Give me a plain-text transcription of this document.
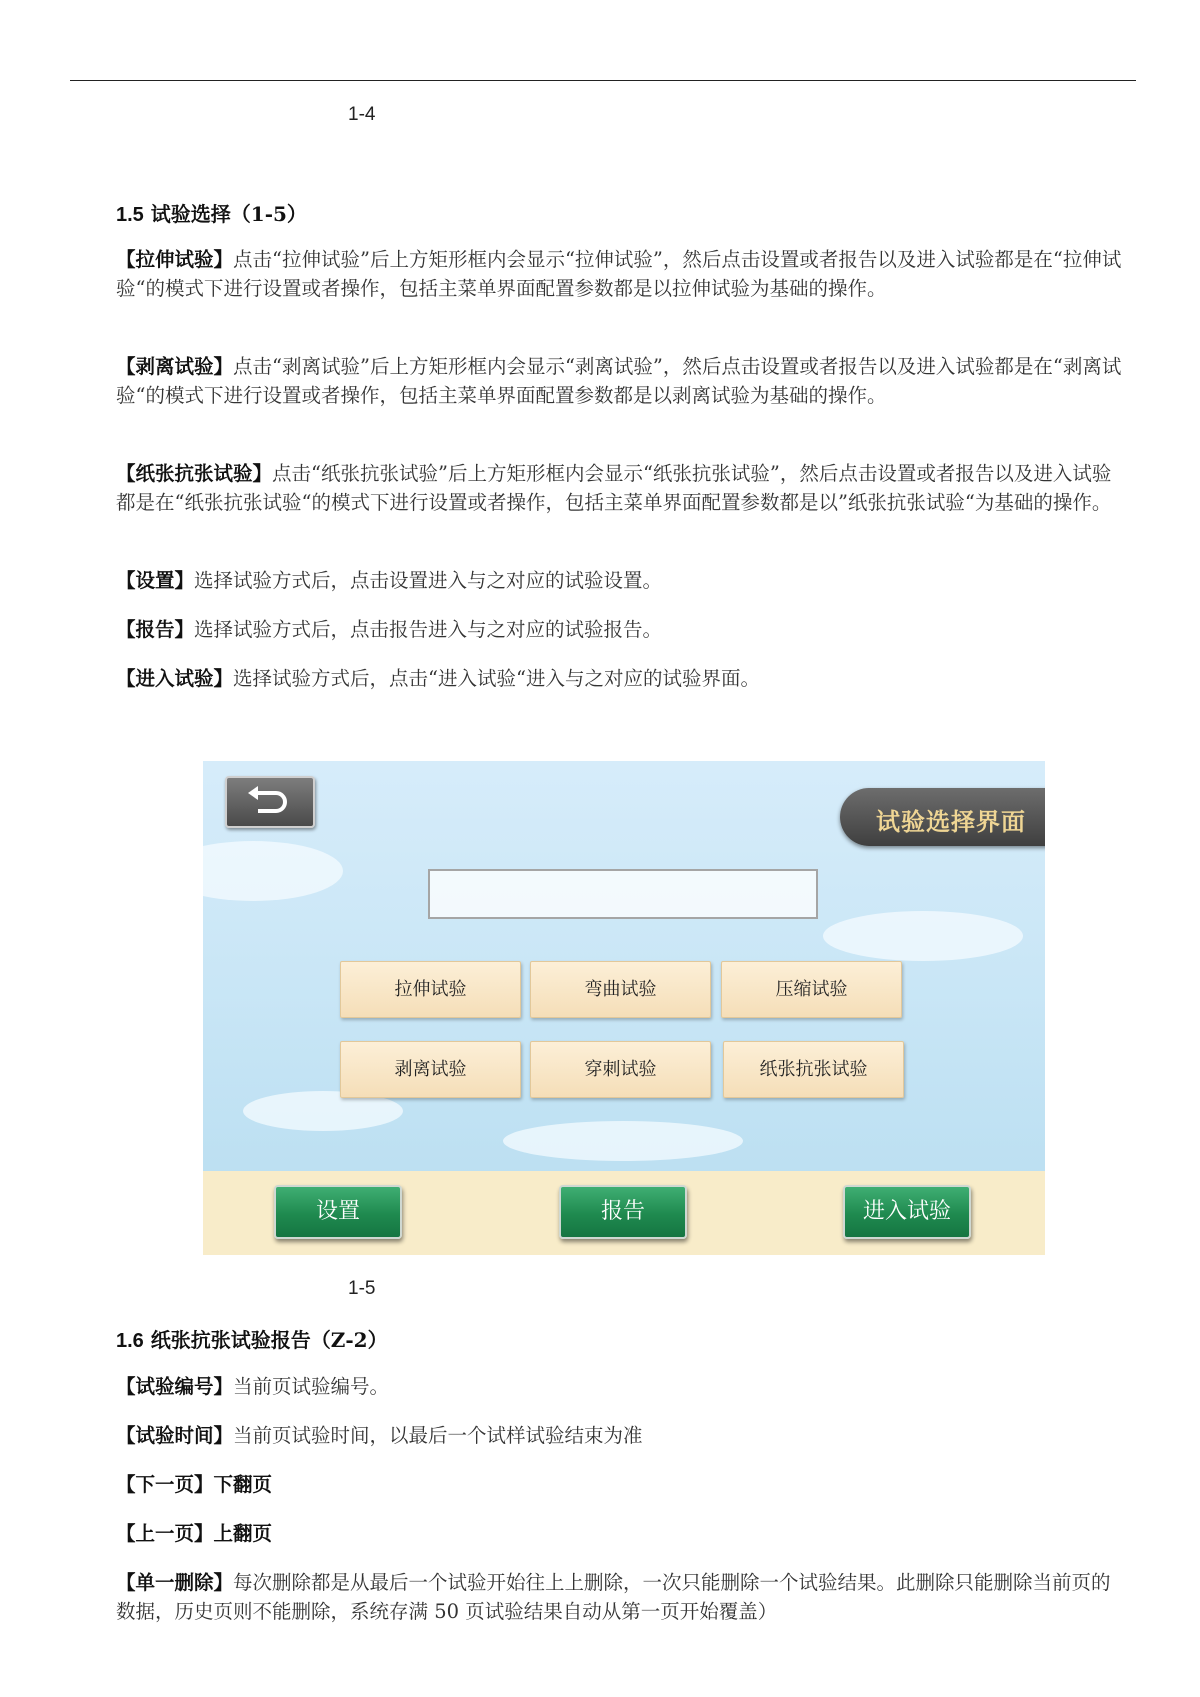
1-4
1.5 试验选择（1-5）
【拉伸试验】点击“拉伸试验”后上方矩形框内会显示“拉伸试验”，然后点击设置或者报告以及进入试验都是在“拉伸试验“的模式下进行设置或者操作，包括主菜单界面配置参数都是以拉伸试验为基础的操作。
【剥离试验】点击“剥离试验”后上方矩形框内会显示“剥离试验”，然后点击设置或者报告以及进入试验都是在“剥离试验“的模式下进行设置或者操作，包括主菜单界面配置参数都是以剥离试验为基础的操作。
【纸张抗张试验】点击“纸张抗张试验”后上方矩形框内会显示“纸张抗张试验”，然后点击设置或者报告以及进入试验都是在“纸张抗张试验“的模式下进行设置或者操作，包括主菜单界面配置参数都是以”纸张抗张试验“为基础的操作。
【设置】选择试验方式后，点击设置进入与之对应的试验设置。
【报告】选择试验方式后，点击报告进入与之对应的试验报告。
【进入试验】选择试验方式后，点击“进入试验“进入与之对应的试验界面。
试验选择界面
拉伸试验	弯曲试验	压缩试验
剥离试验	穿刺试验	纸张抗张试验
设置	报告	进入试验
1-5
1.6 纸张抗张试验报告（Z-2）
【试验编号】当前页试验编号。
【试验时间】当前页试验时间，以最后一个试样试验结束为准
【下一页】下翻页
【上一页】上翻页
【单一删除】每次删除都是从最后一个试验开始往上上删除，一次只能删除一个试验结果。此删除只能删除当前页的数据，历史页则不能删除，系统存满 50 页试验结果自动从第一页开始覆盖）
